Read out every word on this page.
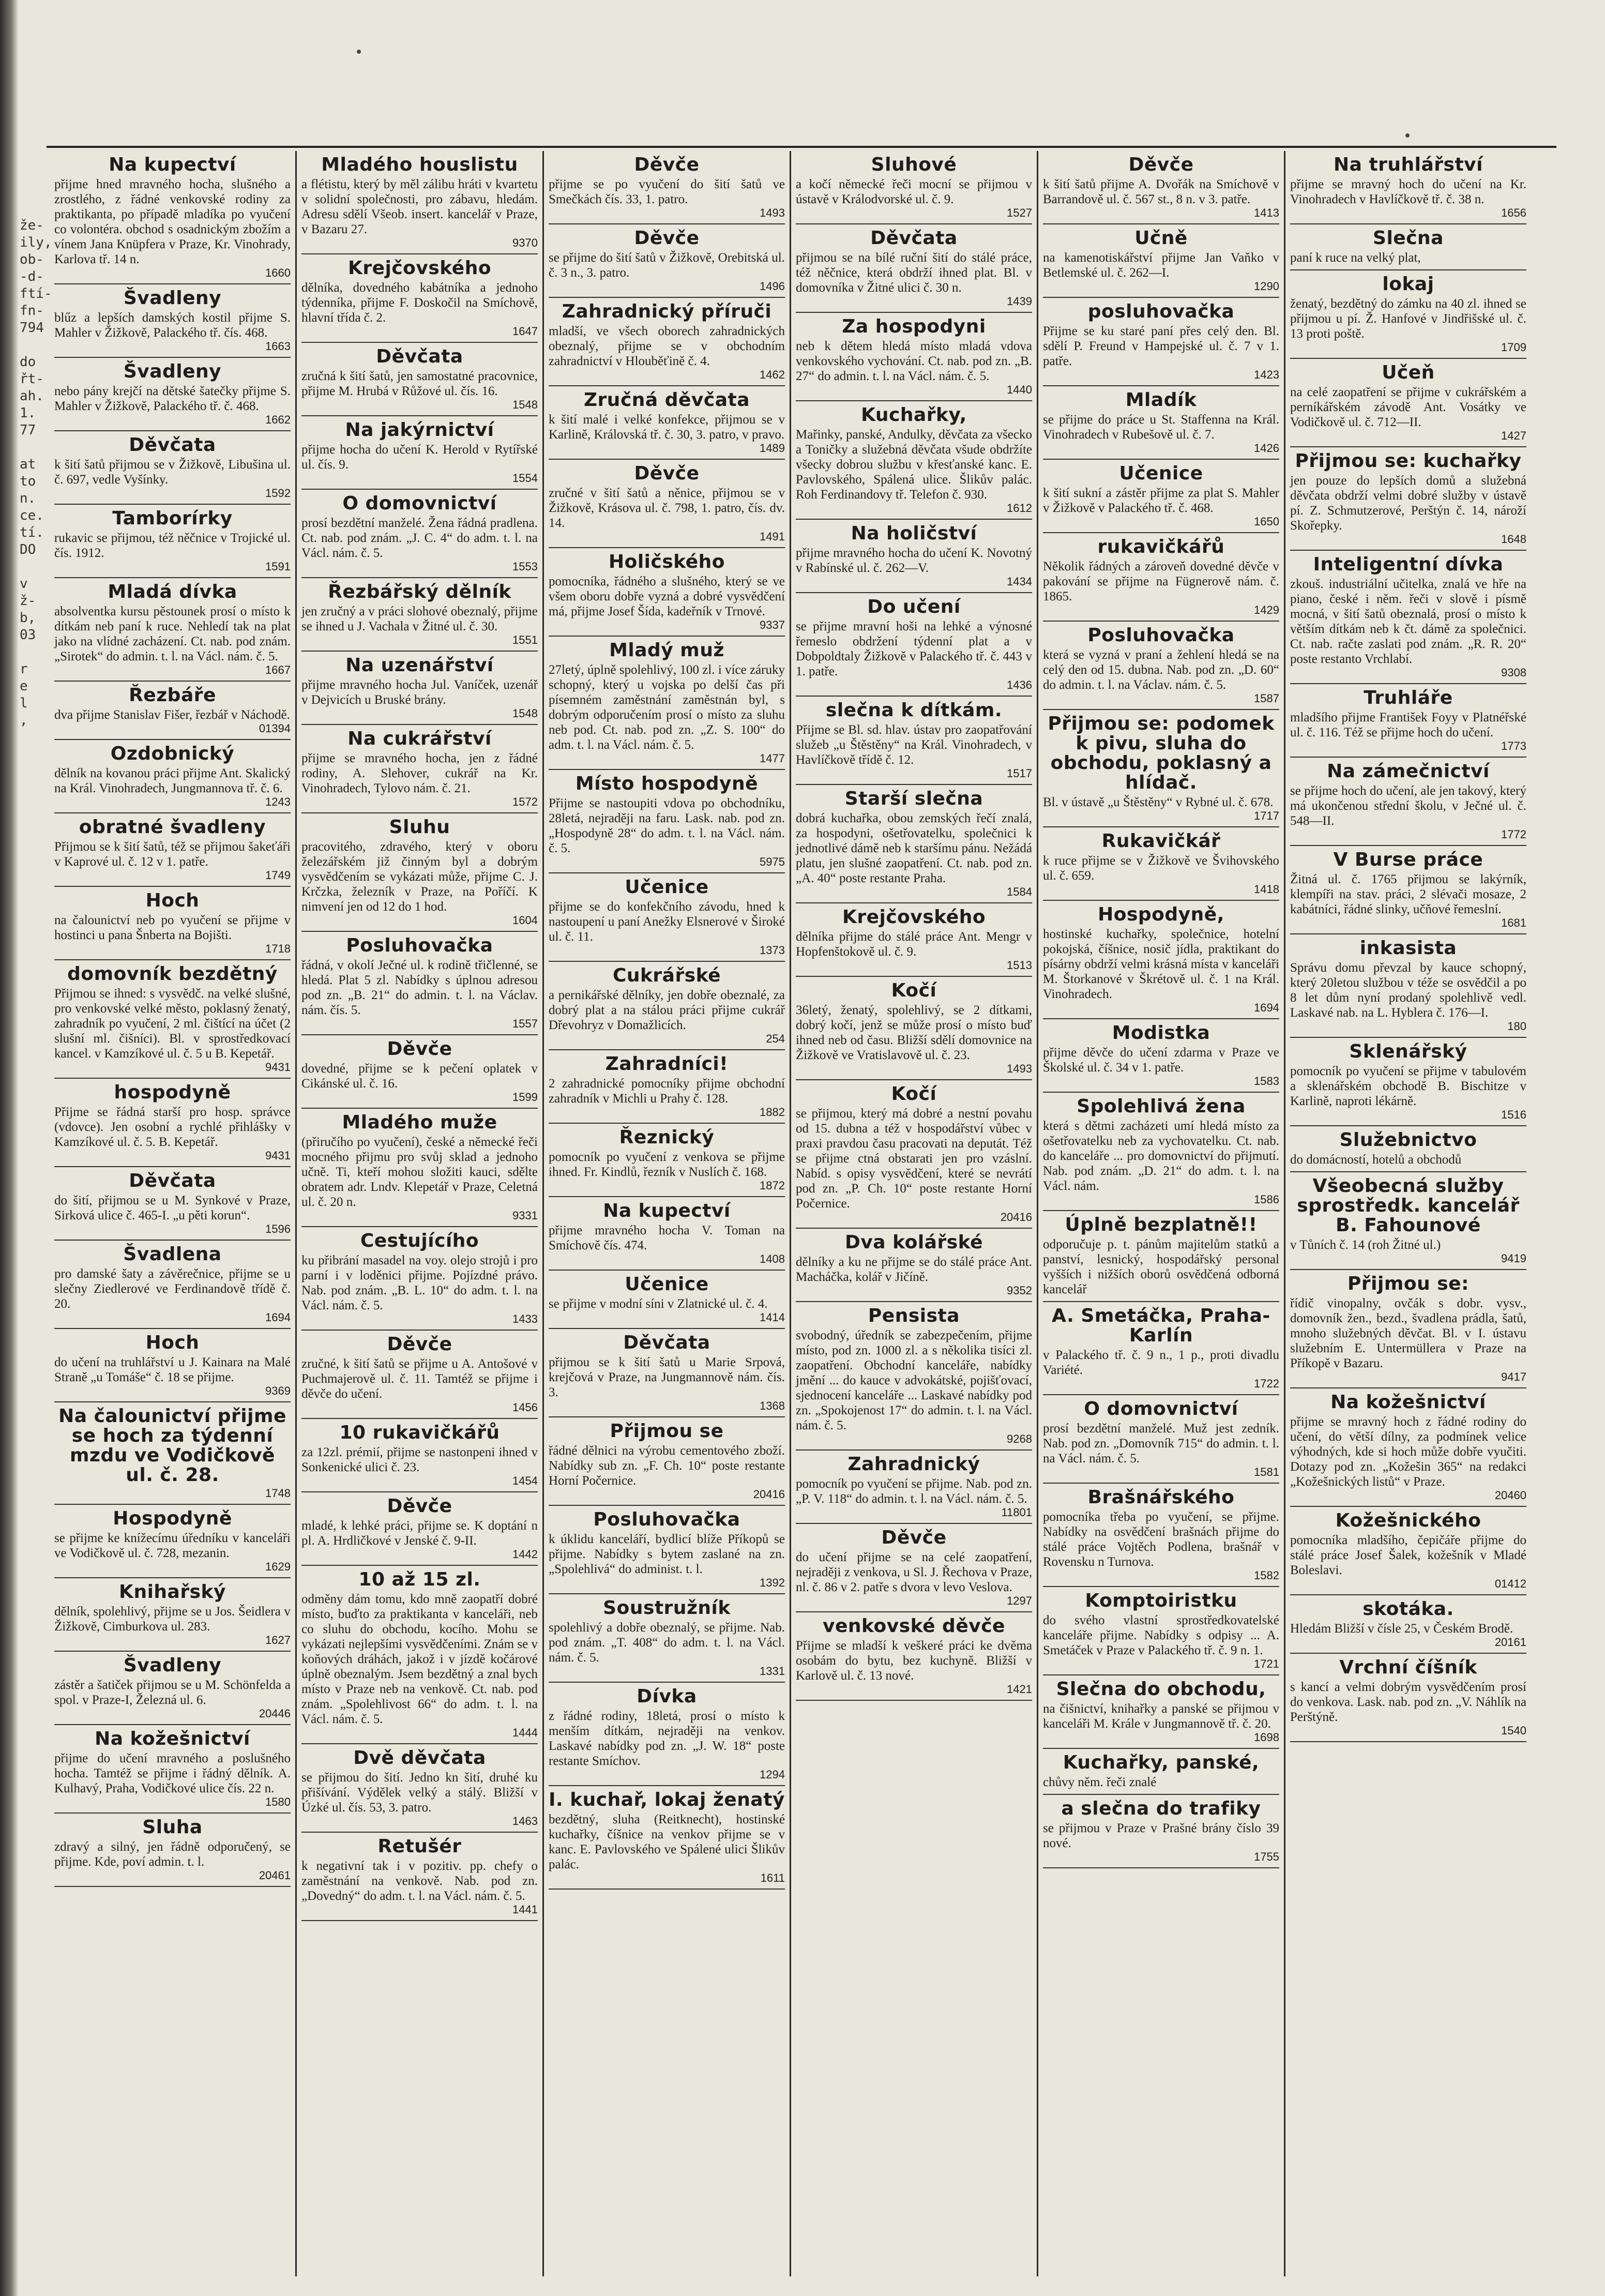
že-
ily,
ob-
-d-
ftí-
fn-
794

do
řt-
ah.
1.
77

at
to
n.
ce.
tí.
DO

v
ž-
b,
03

r
e
l
,
Na kupectví

přijme hned mravného hocha, slušného a zrostlého, z řádné venkovské rodiny za praktikanta, po případě mladíka po vyučení co volontéra. obchod s osadnickým zbožím a vínem Jana Knüpfera v Praze, Kr. Vinohrady, Karlova tř. 14 n.

1660
Švadleny

blűz a lepších damských kostil přijme S. Mahler v Žižkově, Palackého tř. čís. 468.

1663
Švadleny

nebo pány krejčí na dětské šatečky přijme S. Mahler v Žižkově, Palackého tř. č. 468.

1662
Děvčata

k šití šatů přijmou se v Žižkově, Libušina ul. č. 697, vedle Vyšínky.

1592
Tamborírky

rukavic se přijmou, též něčnice v Trojické ul. čís. 1912.

1591
Mladá dívka

absolventka kursu pěstounek prosí o místo k dítkám neb paní k ruce. Nehledí tak na plat jako na vlídné zacházení. Ct. nab. pod znám. „Sirotek“ do admin. t. l. na Václ. nám. č. 5.

1667
Řezbáře

dva přijme Stanislav Fišer, řezbář v Náchodě.

01394
Ozdobnický

dělník na kovanou práci přijme Ant. Skalický na Král. Vinohradech, Jungmannova tř. č. 6.

1243
obratné švadleny

Přijmou se k šití šatů, též se přijmou šakeťáři v Kaprové ul. č. 12 v 1. patře.

1749
Hoch

na čalounictví neb po vyučení se přijme v hostinci u pana Šnberta na Bojišti.

1718
domovník bezdětný

Přijmou se ihned: s vysvědč. na velké slušné, pro venkovské velké město, poklasný ženatý, zahradník po vyučení, 2 ml. čištící na účet (2 slušní ml. čišníci). Bl. v sprostředkovací kancel. v Kamzíkové ul. č. 5 u B. Kepetář.

9431
hospodyně

Přijme se řádná starší pro hosp. správce (vdovce). Jen osobní a rychlé přihlášky v Kamzíkové ul. č. 5. B. Kepetář.

9431
Děvčata

do šití, přijmou se u M. Synkové v Praze, Sirková ulice č. 465-I. „u pěti korun“.

1596
Švadlena

pro damské šaty a závěrečnice, přijme se u slečny Ziedlerové ve Ferdinandově třídě č. 20.

1694
Hoch

do učení na truhlářství u J. Kainara na Malé Straně „u Tomáše“ č. 18 se přijme.

9369
Na čalounictví přijme se hoch za týdenní mzdu ve Vodičkově ul. č. 28.

1748
Hospodyně

se přijme ke knížecímu úředníku v kanceláři ve Vodičkově ul. č. 728, mezanin.

1629
Knihařský

dělník, spolehlivý, přijme se u Jos. Šeidlera v Žižkově, Cimburkova ul. 283.

1627
Švadleny

zástěr a šatiček přijmou se u M. Schönfelda a spol. v Praze-I, Železná ul. 6.

20446
Na kožešnictví

přijme do učení mravného a poslušného hocha. Tamtéž se přijme i řádný dělník. A. Kulhavý, Praha, Vodičkové ulice čís. 22 n.

1580
Sluha

zdravý a silný, jen řádně odporučený, se přijme. Kde, poví admin. t. l.

20461
Mladého houslistu

a flétistu, který by měl zálibu hráti v kvartetu v solidní společnosti, pro zábavu, hledám. Adresu sdělí Všeob. insert. kancelář v Praze, v Bazaru 27.

9370
Krejčovského

dělníka, dovedného kabátníka a jednoho týdenníka, přijme F. Doskočil na Smíchově, hlavní třída č. 2.

1647
Děvčata

zručná k šití šatů, jen samostatné pracovnice, přijme M. Hrubá v Růžové ul. čís. 16.

1548
Na jakýrnictví

přijme hocha do učení K. Herold v Rytířské ul. čís. 9.

1554
O domovnictví

prosí bezdětní manželé. Žena řádná pradlena. Ct. nab. pod znám. „J. C. 4“ do adm. t. l. na Václ. nám. č. 5.

1553
Řezbářský dělník

jen zručný a v práci slohové obeznalý, přijme se ihned u J. Vachala v Žitné ul. č. 30.

1551
Na uzenářství

přijme mravného hocha Jul. Vaníček, uzenář v Dejvicích u Bruské brány.

1548
Na cukrářství

přijme se mravného hocha, jen z řádné rodiny, A. Slehover, cukrář na Kr. Vinohradech, Tylovo nám. č. 21.

1572
Sluhu

pracovitého, zdravého, který v oboru železářském již činným byl a dobrým vysvědčením se vykázati může, přijme C. J. Krčzka, železník v Praze, na Poříčí. K nimvení jen od 12 do 1 hod.

1604
Posluhovačka

řádná, v okolí Ječné ul. k rodině třičlenné, se hledá. Plat 5 zl. Nabídky s úplnou adresou pod zn. „B. 21“ do admin. t. l. na Václav. nám. čís. 5.

1557
Děvče

dovedné, přijme se k pečení oplatek v Cikánské ul. č. 16.

1599
Mladého muže

(přiručího po vyučení), české a německé řeči mocného přijmu pro svůj sklad a jednoho učně. Ti, kteří mohou složiti kauci, sdělte obratem adr. Lndv. Klepetář v Praze, Celetná ul. č. 20 n.

9331
Cestujícího

ku přibrání masadel na voy. olejo strojů i pro parní i v loděnici přijme. Pojízdné právo. Nab. pod znám. „B. L. 10“ do adm. t. l. na Václ. nám. č. 5.

1433
Děvče

zručné, k šití šatů se přijme u A. Antošové v Puchmajerově ul. č. 11. Tamtéž se přijme i děvče do učení.

1456
10 rukavičkářů

za 12zl. prémií, přijme se nastonpeni ihned v Sonkenické ulici č. 23.

1454
Děvče

mladé, k lehké práci, přijme se. K doptání n pl. A. Hrdličkové v Jenské č. 9-II.

1442
10 až 15 zl.

odměny dám tomu, kdo mně zaopatří dobré místo, buďto za praktikanta v kanceláři, neb co sluhu do obchodu, kocího. Mohu se vykázati nejlepšími vysvědčeními. Znám se v koňových dráhách, jakož i v jízdě kočárové úplně obeznalým. Jsem bezdětný a znal bych místo v Praze neb na venkově. Ct. nab. pod znám. „Spolehlivost 66“ do adm. t. l. na Václ. nám. č. 5.

1444
Dvě děvčata

se přijmou do šití. Jedno kn šití, druhé ku přišívání. Výdělek velký a stálý. Bližší v Úzké ul. čís. 53, 3. patro.

1463
Retušér

k negativní tak i v pozitiv. pp. chefy o zaměstnání na venkově. Nab. pod zn. „Dovedný“ do adm. t. l. na Václ. nám. č. 5.

1441
Děvče

přijme se po vyučení do šití šatů ve Smečkách čís. 33, 1. patro.

1493
Děvče

se přijme do šití šatů v Žižkově, Orebitská ul. č. 3 n., 3. patro.

1496
Zahradnický příruči

mladší, ve všech oborech zahradnických obeznalý, přijme se v obchodním zahradnictví v Hlouběťině č. 4.

1462
Zručná děvčata

k šití malé i velké konfekce, přijmou se v Karlině, Královská tř. č. 30, 3. patro, v pravo.

1489
Děvče

zručné v šití šatů a něnice, přijmou se v Žižkově, Krásova ul. č. 798, 1. patro, čís. dv. 14.

1491
Holičského

pomocníka, řádného a slušného, který se ve všem oboru dobře vyzná a dobré vysvědčení má, přijme Josef Šída, kadeřník v Trnové.

9337
Mladý muž

27letý, úplně spolehlivý, 100 zl. i více záruky schopný, který u vojska po delší čas při písemném zaměstnání zaměstnán byl, s dobrým odporučením prosí o místo za sluhu neb pod. Ct. nab. pod zn. „Z. S. 100“ do adm. t. l. na Václ. nám. č. 5.

1477
Místo hospodyně

Přijme se nastoupiti vdova po obchodníku, 28letá, nejraději na faru. Lask. nab. pod zn. „Hospodyně 28“ do adm. t. l. na Václ. nám. č. 5.

5975
Učenice

přijme se do konfekčního závodu, hned k nastoupení u paní Anežky Elsnerové v Široké ul. č. 11.

1373
Cukrářské

a pernikářské dělníky, jen dobře obeznalé, za dobrý plat a na stálou práci přijme cukrář Dřevohryz v Domažlicích.

254
Zahradníci!

2 zahradnické pomocníky přijme obchodní zahradník v Michli u Prahy č. 128.

1882
Řeznický

pomocník po vyučení z venkova se přijme ihned. Fr. Kindlů, řezník v Nuslích č. 168.

1872
Na kupectví

přijme mravného hocha V. Toman na Smíchově čís. 474.

1408
Učenice

se přijme v modní síni v Zlatnické ul. č. 4.

1414
Děvčata

přijmou se k šití šatů u Marie Srpová, krejčová v Praze, na Jungmannově nám. čís. 3.

1368
Přijmou se

řádné dělnici na výrobu cementového zboží. Nabídky sub zn. „F. Ch. 10“ poste restante Horní Počernice.

20416
Posluhovačka

k úklidu kanceláří, bydlicí blíže Příkopů se přijme. Nabídky s bytem zaslané na zn. „Spolehlivá“ do administ. t. l.

1392
Soustružník

spolehlivý a dobře obeznalý, se přijme. Nab. pod znám. „T. 408“ do adm. t. l. na Václ. nám. č. 5.

1331
Dívka

z řádné rodiny, 18letá, prosí o místo k menším dítkám, nejraději na venkov. Laskavé nabídky pod zn. „J. W. 18“ poste restante Smíchov.

1294
I. kuchař, lokaj ženatý

bezdětný, sluha (Reitknecht), hostinské kuchařky, číšnice na venkov přijme se v kanc. E. Pavlovského ve Spálené ulici Šlikův palác.

1611
Sluhové

a kočí německé řeči mocní se přijmou v ústavě v Králodvorské ul. č. 9.

1527
Děvčata

přijmou se na bílé ruční šití do stálé práce, též něčnice, která obdrží ihned plat. Bl. v domovníka v Žitné ulici č. 30 n.

1439
Za hospodyni

neb k dětem hledá místo mladá vdova venkovského vychování. Ct. nab. pod zn. „B. 27“ do admin. t. l. na Václ. nám. č. 5.

1440
Kuchařky,

Mařinky, panské, Andulky, děvčata za všecko a Toničky a služebná děvčata všude obdržíte všecky dobrou službu v křesťanské kanc. E. Pavlovského, Spálená ulice. Šlikův palác. Roh Ferdinandovy tř. Telefon č. 930.

1612
Na holičství

přijme mravného hocha do učení K. Novotný v Rabínské ul. č. 262—V.

1434
Do učení

se přijme mravní hoši na lehké a výnosné řemeslo obdržení týdenní plat a v Dobpoldtaly Žižkově v Palackého tř. č. 443 v 1. patře.

1436
slečna k dítkám.

Přijme se Bl. sd. hlav. ústav pro zaopatřování služeb „u Štěstěny“ na Král. Vinohradech, v Havlíčkově třídě č. 12.

1517
Starší slečna

dobrá kuchařka, obou zemských řečí znalá, za hospodyni, ošetřovatelku, společnici k jednotlivé dámě neb k staršímu pánu. Nežádá platu, jen slušné zaopatření. Ct. nab. pod zn. „A. 40“ poste restante Praha.

1584
Krejčovského

dělníka přijme do stálé práce Ant. Mengr v Hopfenštokově ul. č. 9.

1513
Kočí

36letý, ženatý, spolehlivý, se 2 dítkami, dobrý kočí, jenž se může prosí o místo buď ihned neb od času. Bližší sdělí domovnice na Žižkově ve Vratislavově ul. č. 23.

1493
Kočí

se přijmou, který má dobré a nestní povahu od 15. dubna a též v hospodářství vůbec v praxi pravdou času pracovati na deputát. Též se přijme ctná obstarati jen pro vzáslní. Nabíd. s opisy vysvědčení, které se nevrátí pod zn. „P. Ch. 10“ poste restante Horní Počernice.

20416
Dva kolářské

dělníky a ku ne přijme se do stálé práce Ant. Macháčka, kolář v Jičíně.

9352
Pensista

svobodný, úředník se zabezpečením, přijme místo, pod zn. 1000 zl. a s několika tisíci zl. zaopatření. Obchodní kanceláře, nabídky jmění ... do kauce v advokátské, pojišťovací, sjednocení kanceláře ... Laskavé nabídky pod zn. „Spokojenost 17“ do admin. t. l. na Václ. nám. č. 5.

9268
Zahradnický

pomocník po vyučení se přijme. Nab. pod zn. „P. V. 118“ do admin. t. l. na Václ. nám. č. 5.

11801
Děvče

do učení přijme se na celé zaopatření, nejraději z venkova, u Sl. J. Řechova v Praze, nl. č. 86 v 2. patře s dvora v levo Veslova.

1297
venkovské děvče

Přijme se mladší k veškeré práci ke dvěma osobám do bytu, bez kuchyně. Bližší v Karlově ul. č. 13 nové.

1421
Děvče

k šití šatů přijme A. Dvořák na Smíchově v Barrandově ul. č. 567 st., 8 n. v 3. patře.

1413
Učně

na kamenotiskářství přijme Jan Vaňko v Betlemské ul. č. 262—I.

1290
posluhovačka

Přijme se ku staré paní přes celý den. Bl. sdělí P. Freund v Hampejské ul. č. 7 v 1. patře.

1423
Mladík

se přijme do práce u St. Staffenna na Král. Vinohradech v Rubešově ul. č. 7.

1426
Učenice

k šití sukní a zástěr přijme za plat S. Mahler v Žižkově v Palackého tř. č. 468.

1650
rukavičkářů

Několik řádných a zároveň dovedné děvče v pakování se přijme na Fügnerově nám. č. 1865.

1429
Posluhovačka

která se vyzná v praní a žehlení hledá se na celý den od 15. dubna. Nab. pod zn. „D. 60“ do admin. t. l. na Václav. nám. č. 5.

1587
Přijmou se: podomek k pivu, sluha do obchodu, poklasný a hlídač.

Bl. v ústavě „u Štěstěny“ v Rybné ul. č. 678.

1717
Rukavičkář

k ruce přijme se v Žižkově ve Švihovského ul. č. 659.

1418
Hospodyně,

hostinské kuchařky, společnice, hotelní pokojská, číšnice, nosič jídla, praktikant do písárny obdrží velmi krásná místa v kanceláři M. Štorkanové v Škrétově ul. č. 1 na Král. Vinohradech.

1694
Modistka

přijme děvče do učení zdarma v Praze ve Školské ul. č. 34 v 1. patře.

1583
Spolehlivá žena

která s dětmi zacházeti umí hledá místo za ošetřovatelku neb za vychovatelku. Ct. nab. do kanceláře ... pro domovnictví do přijmutí. Nab. pod znám. „D. 21“ do adm. t. l. na Václ. nám.

1586
Úplně bezplatně!!

odporučuje p. t. pánům majitelům statků a panství, lesnický, hospodářský personal vyšších i nižších oborů osvědčená odborná kancelář

A. Smetáčka, Praha-Karlín

v Palackého tř. č. 9 n., 1 p., proti divadlu Variété.

1722
O domovnictví

prosí bezdětní manželé. Muž jest zedník. Nab. pod zn. „Domovník 715“ do admin. t. l. na Václ. nám. č. 5.

1581
Brašnářského

pomocníka třeba po vyučení, se přijme. Nabídky na osvědčení brašnách přijme do stálé práce Vojtěch Podlena, brašnář v Rovensku n Turnova.

1582
Komptoiristku

do svého vlastní sprostředkovatelské kanceláře přijme. Nabídky s odpisy ... A. Smetáček v Praze v Palackého tř. č. 9 n. 1.

1721
Slečna do obchodu,

na čišnictví, knihařky a panské se přijmou v kanceláři M. Krále v Jungmannově tř. č. 20.

1698
Kuchařky, panské,

chůvy něm. řeči znalé

a slečna do trafiky

se přijmou v Praze v Prašné brány číslo 39 nové.

1755
Na truhlářství

přijme se mravný hoch do učení na Kr. Vinohradech v Havlíčkově tř. č. 38 n.

1656
Slečna

paní k ruce na velký plat,

lokaj

ženatý, bezdětný do zámku na 40 zl. ihned se přijmou u pí. Ž. Hanfové v Jindřišské ul. č. 13 proti poště.

1709
Učeň

na celé zaopatření se přijme v cukrářském a perníkářském závodě Ant. Vosátky ve Vodičkově ul. č. 712—II.

1427
Přijmou se: kuchařky

jen pouze do lepších domů a služebná děvčata obdrží velmi dobré služby v ústavě pí. Z. Schmutzerové, Perštýn č. 14, nároží Skořepky.

1648
Inteligentní dívka

zkouš. industriální učitelka, znalá ve hře na piano, české i něm. řeči v slově i písmě mocná, v šití šatů obeznalá, prosí o místo k větším dítkám neb k čt. dámě za společnici. Ct. nab. račte zaslati pod znám. „R. R. 20“ poste restanto Vrchlabí.

9308
Truhláře

mladšího přijme František Foyy v Platnéřské ul. č. 116. Též se přijme hoch do učení.

1773
Na zámečnictví

se přijme hoch do učení, ale jen takový, který má ukončenou střední školu, v Ječné ul. č. 548—II.

1772
V Burse práce

Žitná ul. č. 1765 přijmou se lakýrník, klempíři na stav. práci, 2 slévači mosaze, 2 kabátníci, řádné slinky, učňové řemeslní.

1681
inkasista

Správu domu převzal by kauce schopný, který 20letou službou v téže se osvědčil a po 8 let dům nyní prodaný spolehlivě vedl. Laskavé nab. na L. Hyblera č. 176—I.

180
Sklenářský

pomocník po vyučení se přijme v tabulovém a sklenářském obchodě B. Bischitze v Karlině, naproti lékárně.

1516
Služebnictvo

do domácností, hotelů a obchodů

Všeobecná služby sprostředk. kancelář B. Fahounové

v Tůních č. 14 (roh Žitné ul.)

9419
Přijmou se:

řídič vinopalny, ovčák s dobr. vysv., domovník žen., bezd., švadlena prádla, šatů, mnoho služebných děvčat. Bl. v I. ústavu služebním E. Untermüllera v Praze na Příkopě v Bazaru.

9417
Na kožešnictví

přijme se mravný hoch z řádné rodiny do učení, do větší dílny, za podmínek velice výhodných, kde si hoch může dobře vyučiti. Dotazy pod zn. „Kožešin 365“ na redakci „Kožešnických listů“ v Praze.

20460
Kožešnického

pomocníka mladšího, čepičáře přijme do stálé práce Josef Šalek, kožešník v Mladé Boleslavi.

01412
skotáka.

Hledám Bližší v čísle 25, v Českém Brodě.

20161
Vrchní číšník

s kancí a velmi dobrým vysvědčením prosí do venkova. Lask. nab. pod zn. „V. Náhlík na Perštýně.

1540
